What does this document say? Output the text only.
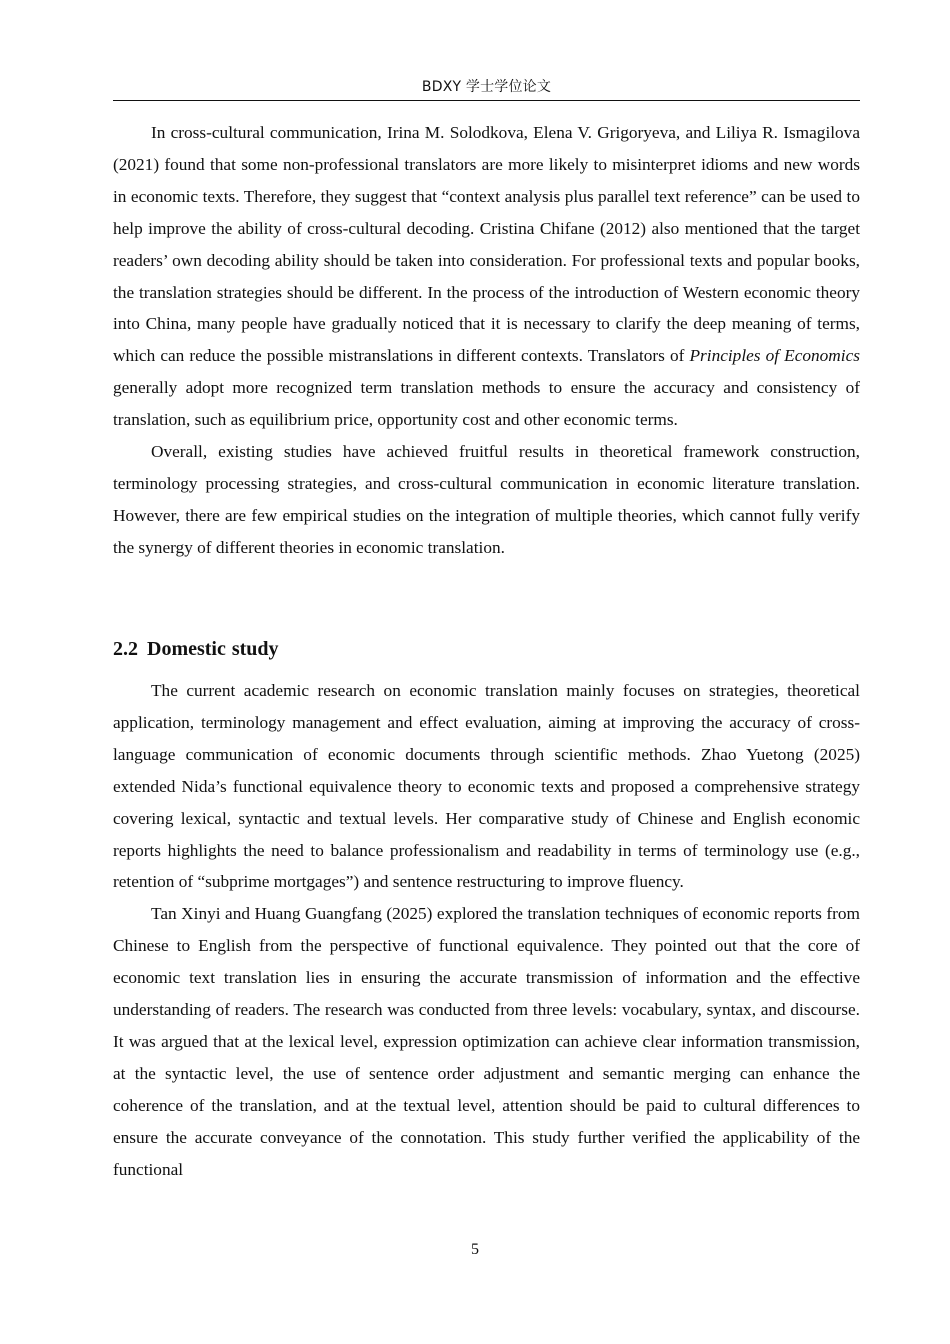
BDXY 学士学位论文

In cross-cultural communication, Irina M. Solodkova, Elena V. Grigoryeva, and Liliya R. Ismagilova (2021) found that some non-professional translators are more likely to misinterpret idioms and new words in economic texts. Therefore, they suggest that “context analysis plus parallel text reference” can be used to help improve the ability of cross-cultural decoding. Cristina Chifane (2012) also mentioned that the target readers’ own decoding ability should be taken into consideration. For professional texts and popular books, the translation strategies should be different. In the process of the introduction of Western economic theory into China, many people have gradually noticed that it is necessary to clarify the deep meaning of terms, which can reduce the possible mistranslations in different contexts. Translators of Principles of Economics generally adopt more recognized term translation methods to ensure the accuracy and consistency of translation, such as equilibrium price, opportunity cost and other economic terms.

Overall, existing studies have achieved fruitful results in theoretical framework construction, terminology processing strategies, and cross-cultural communication in economic literature translation. However, there are few empirical studies on the integration of multiple theories, which cannot fully verify the synergy of different theories in economic translation.

2.2 Domestic study

The current academic research on economic translation mainly focuses on strategies, theoretical application, terminology management and effect evaluation, aiming at improving the accuracy of cross-language communication of economic documents through scientific methods. Zhao Yuetong (2025) extended Nida’s functional equivalence theory to economic texts and proposed a comprehensive strategy covering lexical, syntactic and textual levels. Her comparative study of Chinese and English economic reports highlights the need to balance professionalism and readability in terms of terminology use (e.g., retention of “subprime mortgages”) and sentence restructuring to improve fluency.

Tan Xinyi and Huang Guangfang (2025) explored the translation techniques of economic reports from Chinese to English from the perspective of functional equivalence. They pointed out that the core of economic text translation lies in ensuring the accurate transmission of information and the effective understanding of readers. The research was conducted from three levels: vocabulary, syntax, and discourse. It was argued that at the lexical level, expression optimization can achieve clear information transmission, at the syntactic level, the use of sentence order adjustment and semantic merging can enhance the coherence of the translation, and at the textual level, attention should be paid to cultural differences to ensure the accurate conveyance of the connotation. This study further verified the applicability of the functional

5
